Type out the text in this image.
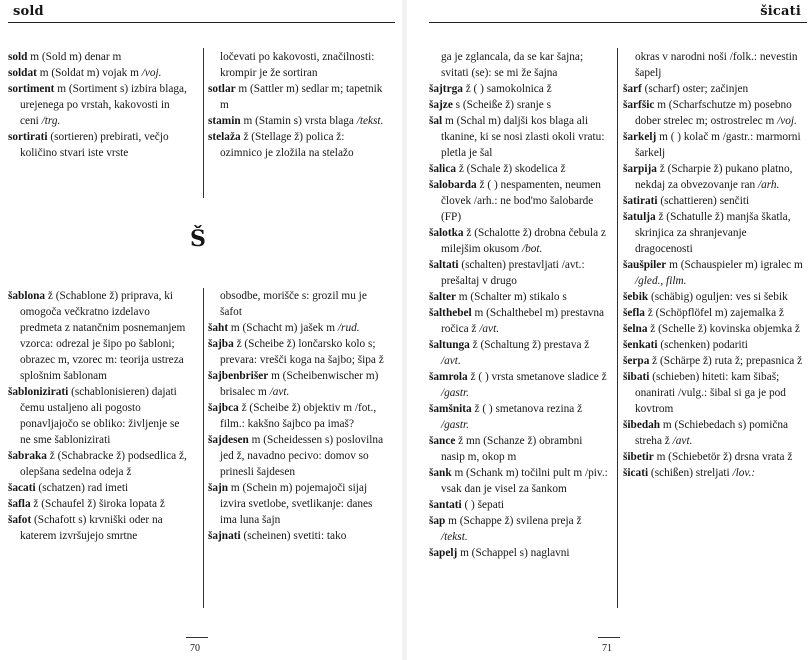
sold

sold m (Sold m) denar m

soldat m (Soldat m) vojak m /voj.

sortiment m (Sortiment s) izbira blaga, urejenega po vrstah, kakovosti in ceni /trg.

sortirati (sortieren) prebirati, večjo količino stvari iste vrste

ločevati po kakovosti, značilnosti: krompir je že sortiran

sotlar m (Sattler m) sedlar m; tapetnik m

stamin m (Stamin s) vrsta blaga /tekst.

stelaža ž (Stellage ž) polica ž: ozimnico je zložila na stelažo

Š

šablona ž (Schablone ž) priprava, ki omogoča večkratno izdelavo predmeta z natančnim posnemanjem vzorca: odrezal je šipo po šabloni; obrazec m, vzorec m: teorija ustreza splošnim šablonam

šablonizirati (schablonisieren) dajati čemu ustaljeno ali pogosto ponavljajočo se obliko: življenje se ne sme šablonizirati

šabraka ž (Schabracke ž) podsedlica ž, olepšana sedelna odeja ž

šacati (schatzen) rad imeti

šafla ž (Schaufel ž) široka lopata ž

šafot (Schafott s) krvniški oder na katerem izvršujejo smrtne

obsodbe, morišče s: grozil mu je šafot

šaht m (Schacht m) jašek m /rud.

šajba ž (Scheibe ž) lončarsko kolo s; prevara: vrešči koga na šajbo; šipa ž

šajbenbrišer m (Scheibenwischer m) brisalec m /avt.

šajbca ž (Scheibe ž) objektiv m /fot., film.: kakšno šajbco pa imaš?

šajdesen m (Scheidessen s) poslovilna jed ž, navadno pecivo: domov so prinesli šajdesen

šajn m (Schein m) pojemajoči sijaj izvira svetlobe, svetlikanje: danes ima luna šajn

šajnati (scheinen) svetiti: tako

70
šicati

ga je zglancala, da se kar šajna; svitati (se): se mi že šajna

šajtrga ž ( ) samokolnica ž

šajze s (Scheiße ž) sranje s

šal m (Schal m) daljši kos blaga ali tkanine, ki se nosi zlasti okoli vratu: pletla je šal

šalica ž (Schale ž) skodelica ž

šalobarda ž ( ) nespamenten, neumen človek /arh.: ne bod'mo šalobarde (FP)

šalotka ž (Schalotte ž) drobna čebula z milejšim okusom /bot.

šaltati (schalten) prestavljati /avt.: prešaltaj v drugo

šalter m (Schalter m) stikalo s

šalthebel m (Schalthebel m) prestavna ročica ž /avt.

šaltunga ž (Schaltung ž) prestava ž /avt.

šamrola ž ( ) vrsta smetanove sladice ž /gastr.

šamšnita ž ( ) smetanova rezina ž /gastr.

šance ž mn (Schanze ž) obrambni nasip m, okop m

šank m (Schank m) točilni pult m /piv.: vsak dan je visel za šankom

šantati ( ) šepati

šap m (Schappe ž) svilena preja ž /tekst.

šapelj m (Schappel s) naglavni

okras v narodni noši /folk.: nevestin šapelj

šarf (scharf) oster; začinjen

šarfšic m (Scharfschutze m) posebno dober strelec m; ostrostrelec m /voj.

šarkelj m ( ) kolač m /gastr.: marmorni šarkelj

šarpija ž (Scharpie ž) pukano platno, nekdaj za obvezovanje ran /arh.

šatirati (schattieren) senčiti

šatulja ž (Schatulle ž) manjša škatla, skrinjica za shranjevanje dragocenosti

šaušpiler m (Schauspieler m) igralec m /gled., film.

šebik (schäbig) oguljen: ves si šebik

šefla ž (Schöpflöfel m) zajemalka ž

šelna ž (Schelle ž) kovinska objemka ž

šenkati (schenken) podariti

šerpa ž (Schärpe ž) ruta ž; prepasnica ž

šibati (schieben) hiteti: kam šibaš; onanirati /vulg.: šibal si ga je pod kovtrom

šibedah m (Schiebedach s) pomična streha ž /avt.

šibetir m (Schiebetör ž) drsna vrata ž

šicati (schißen) streljati /lov.:

71
